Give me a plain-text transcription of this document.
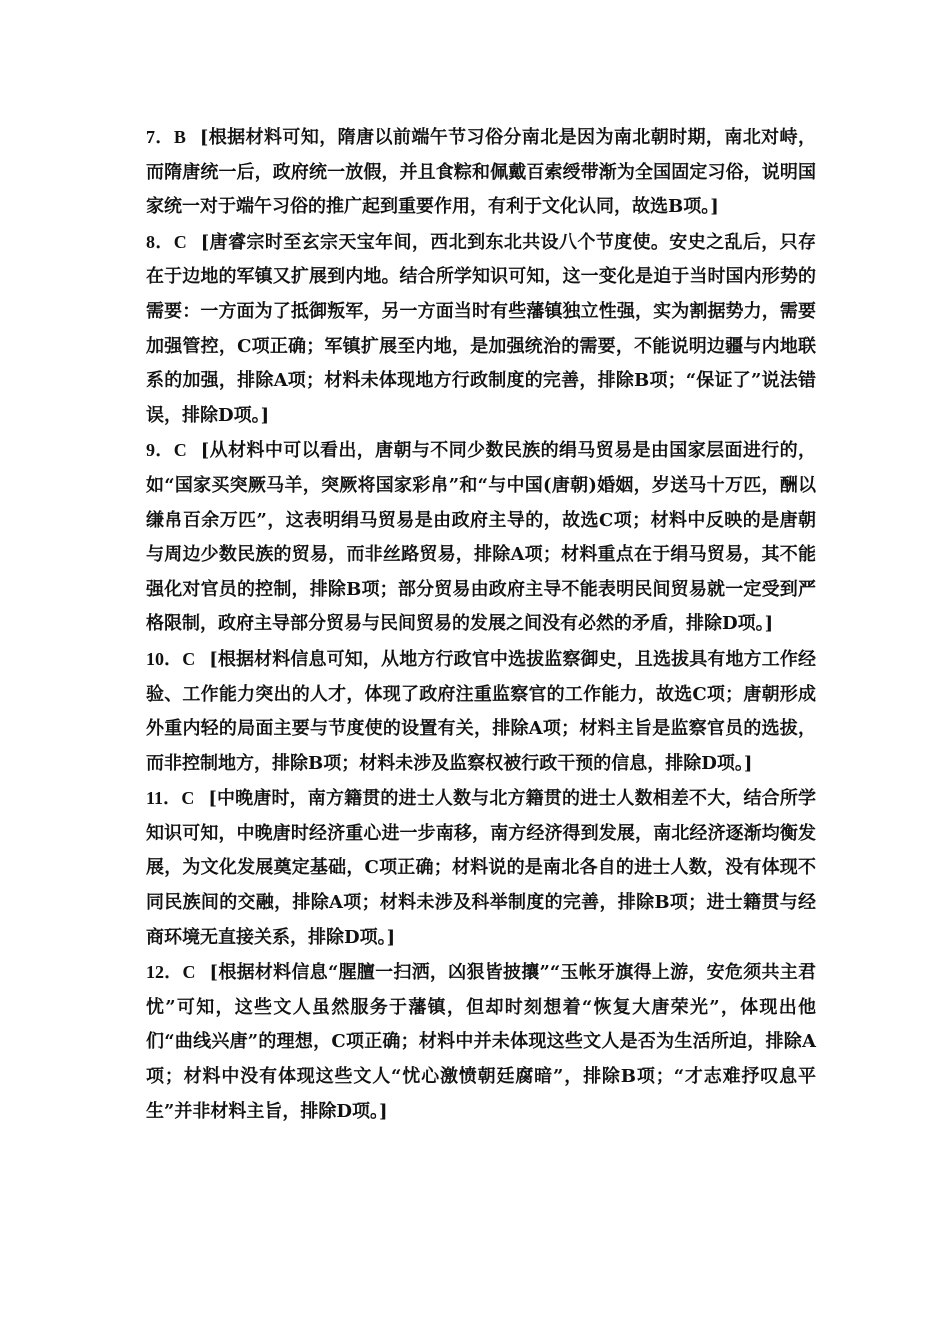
7．B [根据材料可知，隋唐以前端午节习俗分南北是因为南北朝时期，南北对峙，而隋唐统一后，政府统一放假，并且食粽和佩戴百索绶带渐为全国固定习俗，说明国家统一对于端午习俗的推广起到重要作用，有利于文化认同，故选B项。]

8．C [唐睿宗时至玄宗天宝年间，西北到东北共设八个节度使。安史之乱后，只存在于边地的军镇又扩展到内地。结合所学知识可知，这一变化是迫于当时国内形势的需要：一方面为了抵御叛军，另一方面当时有些藩镇独立性强，实为割据势力，需要加强管控，C项正确；军镇扩展至内地，是加强统治的需要，不能说明边疆与内地联系的加强，排除A项；材料未体现地方行政制度的完善，排除B项；“保证了”说法错误，排除D项。]

9．C [从材料中可以看出，唐朝与不同少数民族的绢马贸易是由国家层面进行的，如“国家买突厥马羊，突厥将国家彩帛”和“与中国(唐朝)婚姻，岁送马十万匹，酬以缣帛百余万匹”，这表明绢马贸易是由政府主导的，故选C项；材料中反映的是唐朝与周边少数民族的贸易，而非丝路贸易，排除A项；材料重点在于绢马贸易，其不能强化对官员的控制，排除B项；部分贸易由政府主导不能表明民间贸易就一定受到严格限制，政府主导部分贸易与民间贸易的发展之间没有必然的矛盾，排除D项。]

10．C [根据材料信息可知，从地方行政官中选拔监察御史，且选拔具有地方工作经验、工作能力突出的人才，体现了政府注重监察官的工作能力，故选C项；唐朝形成外重内轻的局面主要与节度使的设置有关，排除A项；材料主旨是监察官员的选拔，而非控制地方，排除B项；材料未涉及监察权被行政干预的信息，排除D项。]

11．C [中晚唐时，南方籍贯的进士人数与北方籍贯的进士人数相差不大，结合所学知识可知，中晚唐时经济重心进一步南移，南方经济得到发展，南北经济逐渐均衡发展，为文化发展奠定基础，C项正确；材料说的是南北各自的进士人数，没有体现不同民族间的交融，排除A项；材料未涉及科举制度的完善，排除B项；进士籍贯与经商环境无直接关系，排除D项。]

12．C [根据材料信息“腥膻一扫洒，凶狠皆披攘”“玉帐牙旗得上游，安危须共主君忧”可知，这些文人虽然服务于藩镇，但却时刻想着“恢复大唐荣光”，体现出他们“曲线兴唐”的理想，C项正确；材料中并未体现这些文人是否为生活所迫，排除A项；材料中没有体现这些文人“忧心激愤朝廷腐暗”，排除B项；“才志难抒叹息平生”并非材料主旨，排除D项。]
